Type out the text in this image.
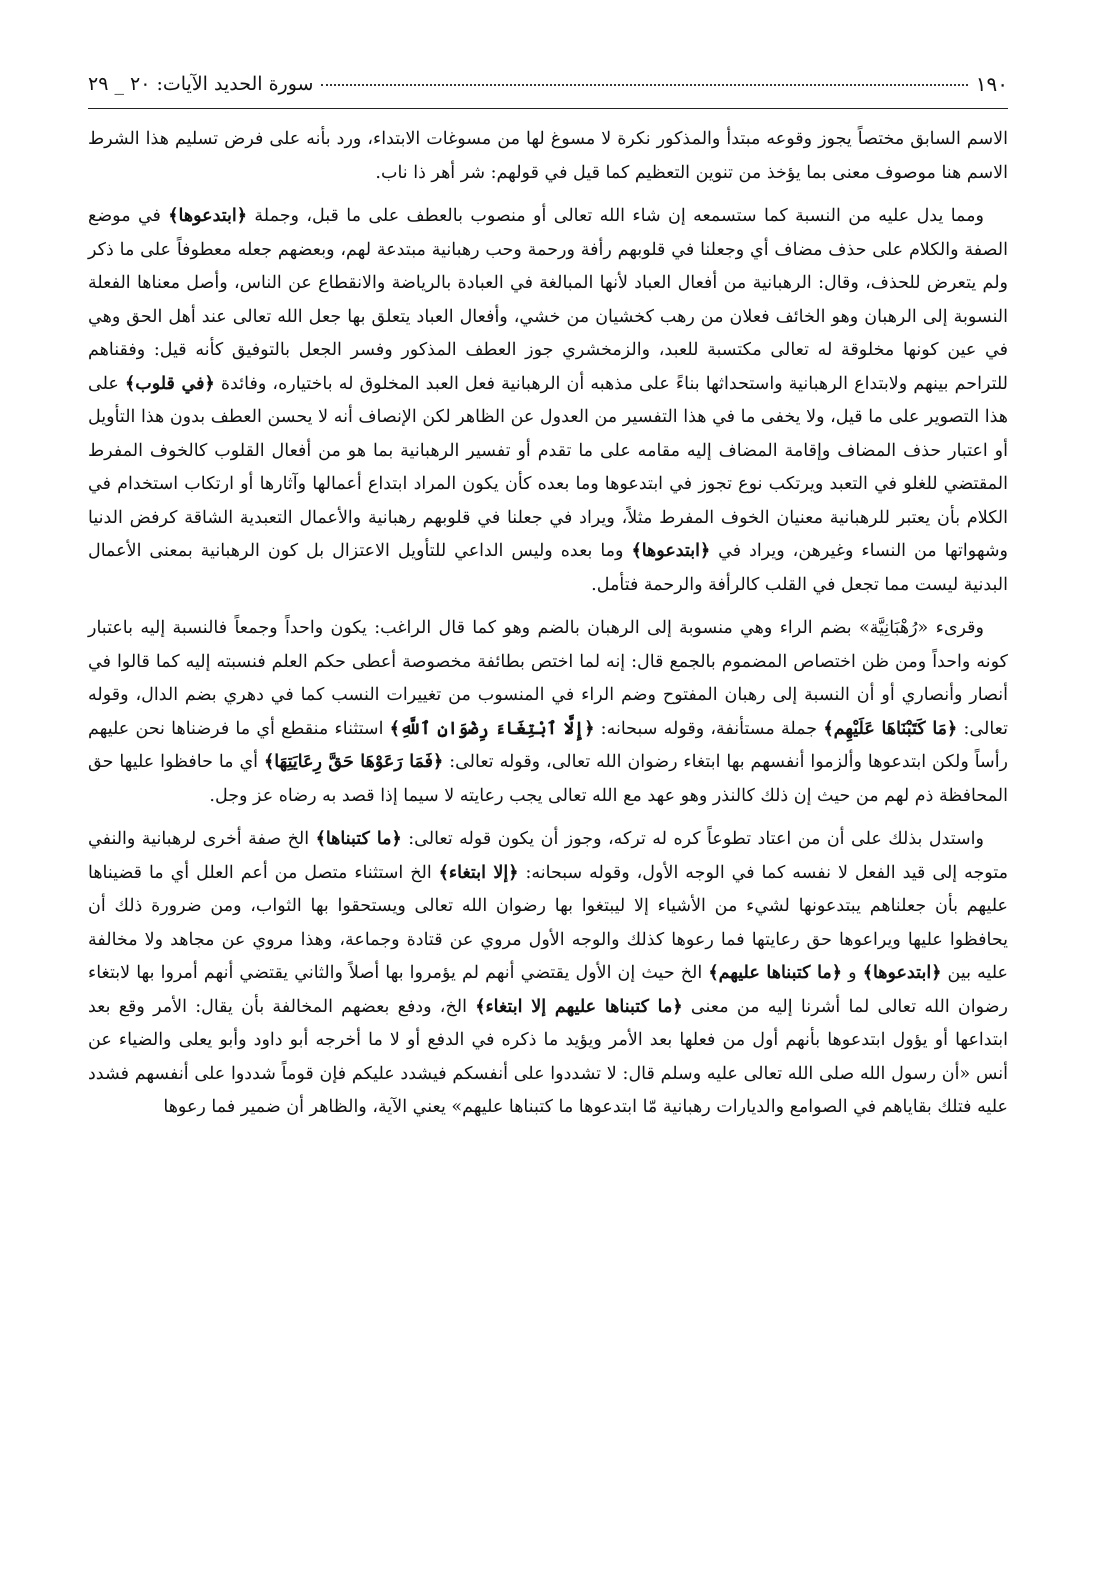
١٩٠
سورة الحديد الآيات: ٢٠ _ ٢٩

الاسم السابق مختصاً يجوز وقوعه مبتدأ والمذكور نكرة لا مسوغ لها من مسوغات الابتداء، ورد بأنه على فرض تسليم هذا الشرط الاسم هنا موصوف معنى بما يؤخذ من تنوين التعظيم كما قيل في قولهم: شر أهر ذا ناب.

ومما يدل عليه من النسبة كما ستسمعه إن شاء الله تعالى أو منصوب بالعطف على ما قبل، وجملة ﴿ابتدعوها﴾ في موضع الصفة والكلام على حذف مضاف أي وجعلنا في قلوبهم رأفة ورحمة وحب رهبانية مبتدعة لهم، وبعضهم جعله معطوفاً على ما ذكر ولم يتعرض للحذف، وقال: الرهبانية من أفعال العباد لأنها المبالغة في العبادة بالرياضة والانقطاع عن الناس، وأصل معناها الفعلة النسوبة إلى الرهبان وهو الخائف فعلان من رهب كخشيان من خشي، وأفعال العباد يتعلق بها جعل الله تعالى عند أهل الحق وهي في عين كونها مخلوقة له تعالى مكتسبة للعبد، والزمخشري جوز العطف المذكور وفسر الجعل بالتوفيق كأنه قيل: وفقناهم للتراحم بينهم ولابتداع الرهبانية واستحداثها بناءً على مذهبه أن الرهبانية فعل العبد المخلوق له باختياره، وفائدة ﴿في قلوب﴾ على هذا التصوير على ما قيل، ولا يخفى ما في هذا التفسير من العدول عن الظاهر لكن الإنصاف أنه لا يحسن العطف بدون هذا التأويل أو اعتبار حذف المضاف وإقامة المضاف إليه مقامه على ما تقدم أو تفسير الرهبانية بما هو من أفعال القلوب كالخوف المفرط المقتضي للغلو في التعبد ويرتكب نوع تجوز في ابتدعوها وما بعده كأن يكون المراد ابتداع أعمالها وآثارها أو ارتكاب استخدام في الكلام بأن يعتبر للرهبانية معنيان الخوف المفرط مثلاً، ويراد في جعلنا في قلوبهم رهبانية والأعمال التعبدية الشاقة كرفض الدنيا وشهواتها من النساء وغيرهن، ويراد في ﴿ابتدعوها﴾ وما بعده وليس الداعي للتأويل الاعتزال بل كون الرهبانية بمعنى الأعمال البدنية ليست مما تجعل في القلب كالرأفة والرحمة فتأمل.

وقرىء «رُهْبَانِيَّة» بضم الراء وهي منسوبة إلى الرهبان بالضم وهو كما قال الراغب: يكون واحداً وجمعاً فالنسبة إليه باعتبار كونه واحداً ومن ظن اختصاص المضموم بالجمع قال: إنه لما اختص بطائفة مخصوصة أعطى حكم العلم فنسبته إليه كما قالوا في أنصار وأنصاري أو أن النسبة إلى رهبان المفتوح وضم الراء في المنسوب من تغييرات النسب كما في دهري بضم الدال، وقوله تعالى: ﴿مَا كَتَبْنَاهَا عَلَيْهِم﴾ جملة مستأنفة، وقوله سبحانه: ﴿إِلَّا ٱبْتِغَاءَ رِضْوَانِ ٱللَّهِ﴾ استثناء منقطع أي ما فرضناها نحن عليهم رأساً ولكن ابتدعوها وألزموا أنفسهم بها ابتغاء رضوان الله تعالى، وقوله تعالى: ﴿فَمَا رَعَوْهَا حَقَّ رِعَايَتِهَا﴾ أي ما حافظوا عليها حق المحافظة ذم لهم من حيث إن ذلك كالنذر وهو عهد مع الله تعالى يجب رعايته لا سيما إذا قصد به رضاه عز وجل.

واستدل بذلك على أن من اعتاد تطوعاً كره له تركه، وجوز أن يكون قوله تعالى: ﴿ما كتبناها﴾ الخ صفة أخرى لرهبانية والنفي متوجه إلى قيد الفعل لا نفسه كما في الوجه الأول، وقوله سبحانه: ﴿إلا ابتغاء﴾ الخ استثناء متصل من أعم العلل أي ما قضيناها عليهم بأن جعلناهم يبتدعونها لشيء من الأشياء إلا ليبتغوا بها رضوان الله تعالى ويستحقوا بها الثواب، ومن ضرورة ذلك أن يحافظوا عليها ويراعوها حق رعايتها فما رعوها كذلك والوجه الأول مروي عن قتادة وجماعة، وهذا مروي عن مجاهد ولا مخالفة عليه بين ﴿ابتدعوها﴾ و ﴿ما كتبناها عليهم﴾ الخ حيث إن الأول يقتضي أنهم لم يؤمروا بها أصلاً والثاني يقتضي أنهم أمروا بها لابتغاء رضوان الله تعالى لما أشرنا إليه من معنى ﴿ما كتبناها عليهم إلا ابتغاء﴾ الخ، ودفع بعضهم المخالفة بأن يقال: الأمر وقع بعد ابتداعها أو يؤول ابتدعوها بأنهم أول من فعلها بعد الأمر ويؤيد ما ذكره في الدفع أو لا ما أخرجه أبو داود وأبو يعلى والضياء عن أنس «أن رسول الله صلى الله تعالى عليه وسلم قال: لا تشددوا على أنفسكم فيشدد عليكم فإن قوماً شددوا على أنفسهم فشدد عليه فتلك بقاياهم في الصوامع والديارات رهبانية مّا ابتدعوها ما كتبناها عليهم» يعني الآية، والظاهر أن ضمير فما رعوها
